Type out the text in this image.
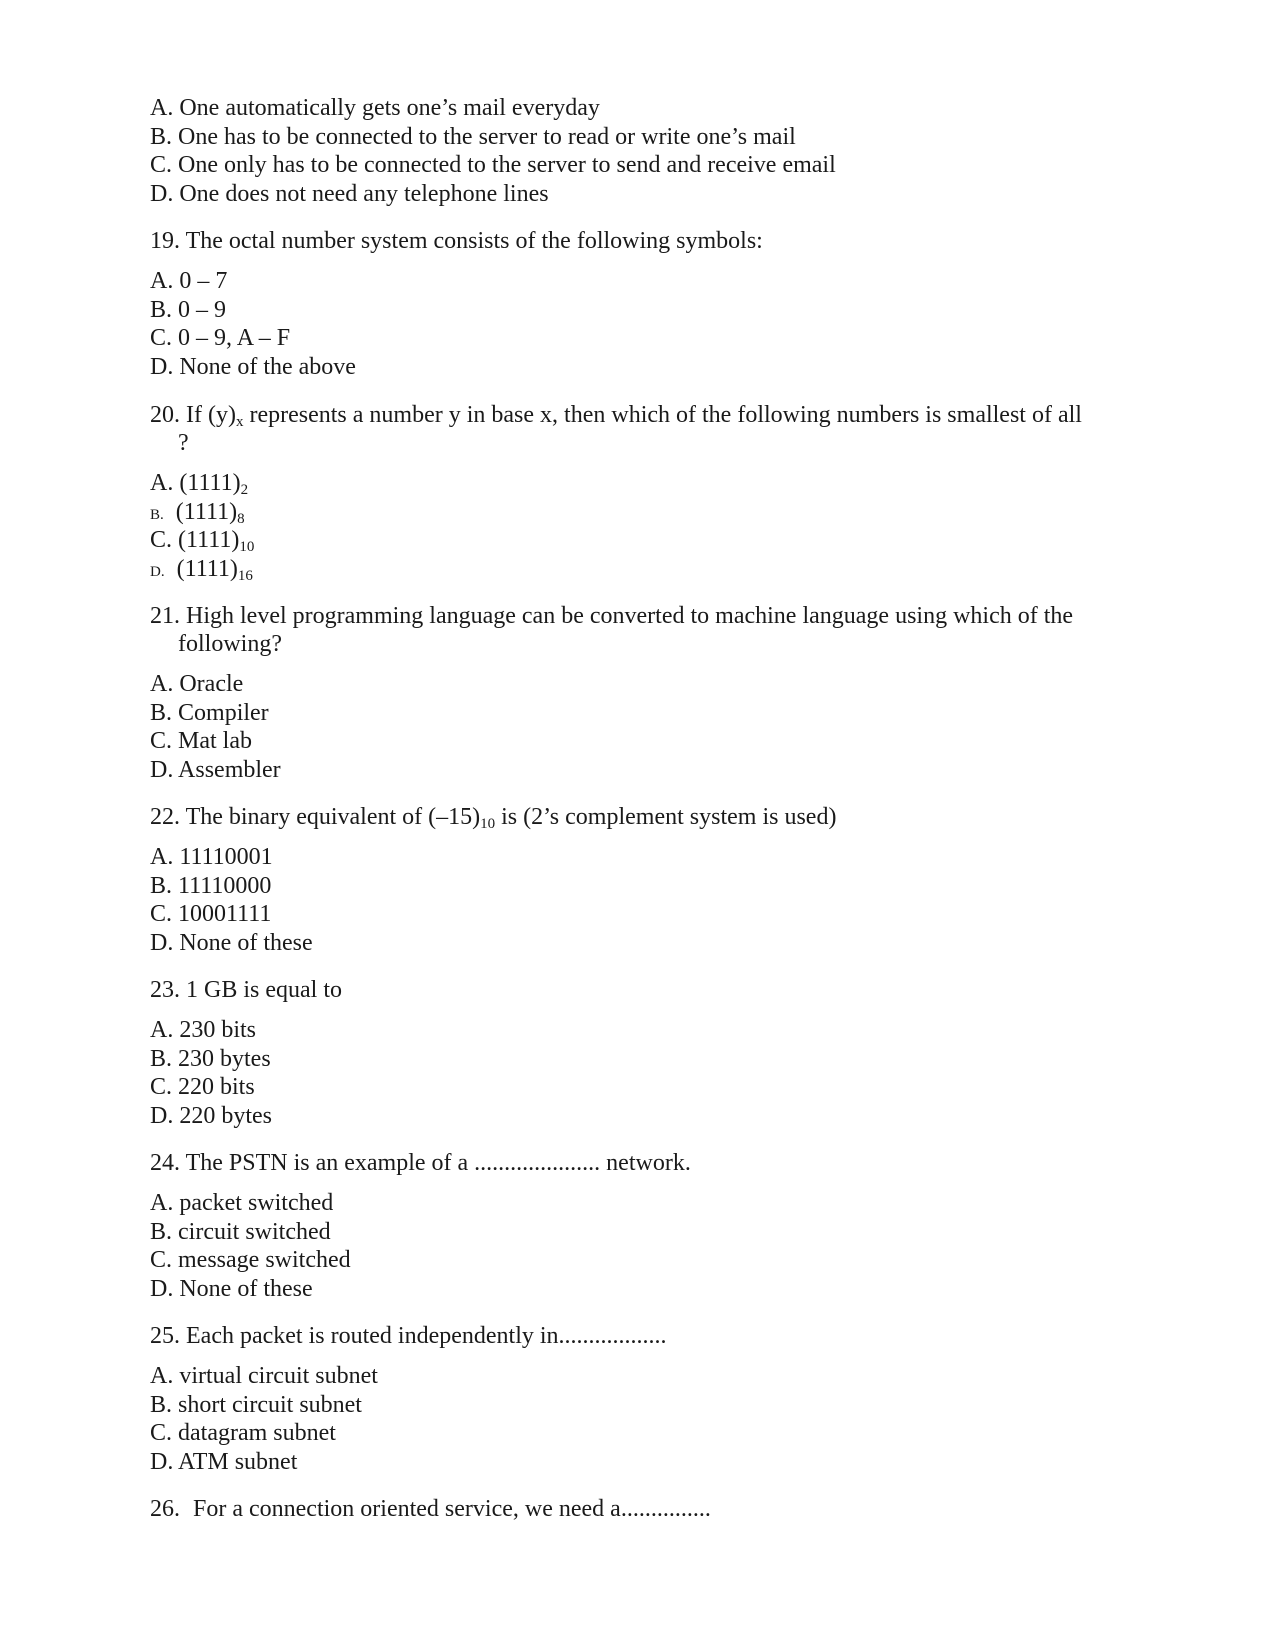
A. One automatically gets one’s mail everyday
B. One has to be connected to the server to read or write one’s mail
C. One only has to be connected to the server to send and receive email
D. One does not need any telephone lines
19. The octal number system consists of the following symbols:
A. 0 – 7
B. 0 – 9
C. 0 – 9, A – F
D. None of the above
20. If $(y)_x$ represents a number y in base x, then which of the following numbers is smallest of all
?
A. $(1111)_2$
B. $(1111)_8$
C. $(1111)_{10}$
D. $(1111)_{16}$
21. High level programming language can be converted to machine language using which of the
following?
A. Oracle
B. Compiler
C. Mat lab
D. Assembler
22. The binary equivalent of $(-15)_{10}$ is (2’s complement system is used)
A. 11110001
B. 11110000
C. 10001111
D. None of these
23. 1 GB is equal to
A. 230 bits
B. 230 bytes
C. 220 bits
D. 220 bytes
24. The PSTN is an example of a ..................... network.
A. packet switched
B. circuit switched
C. message switched
D. None of these
25. Each packet is routed independently in..................
A. virtual circuit subnet
B. short circuit subnet
C. datagram subnet
D. ATM subnet
26. For a connection oriented service, we need a...............
